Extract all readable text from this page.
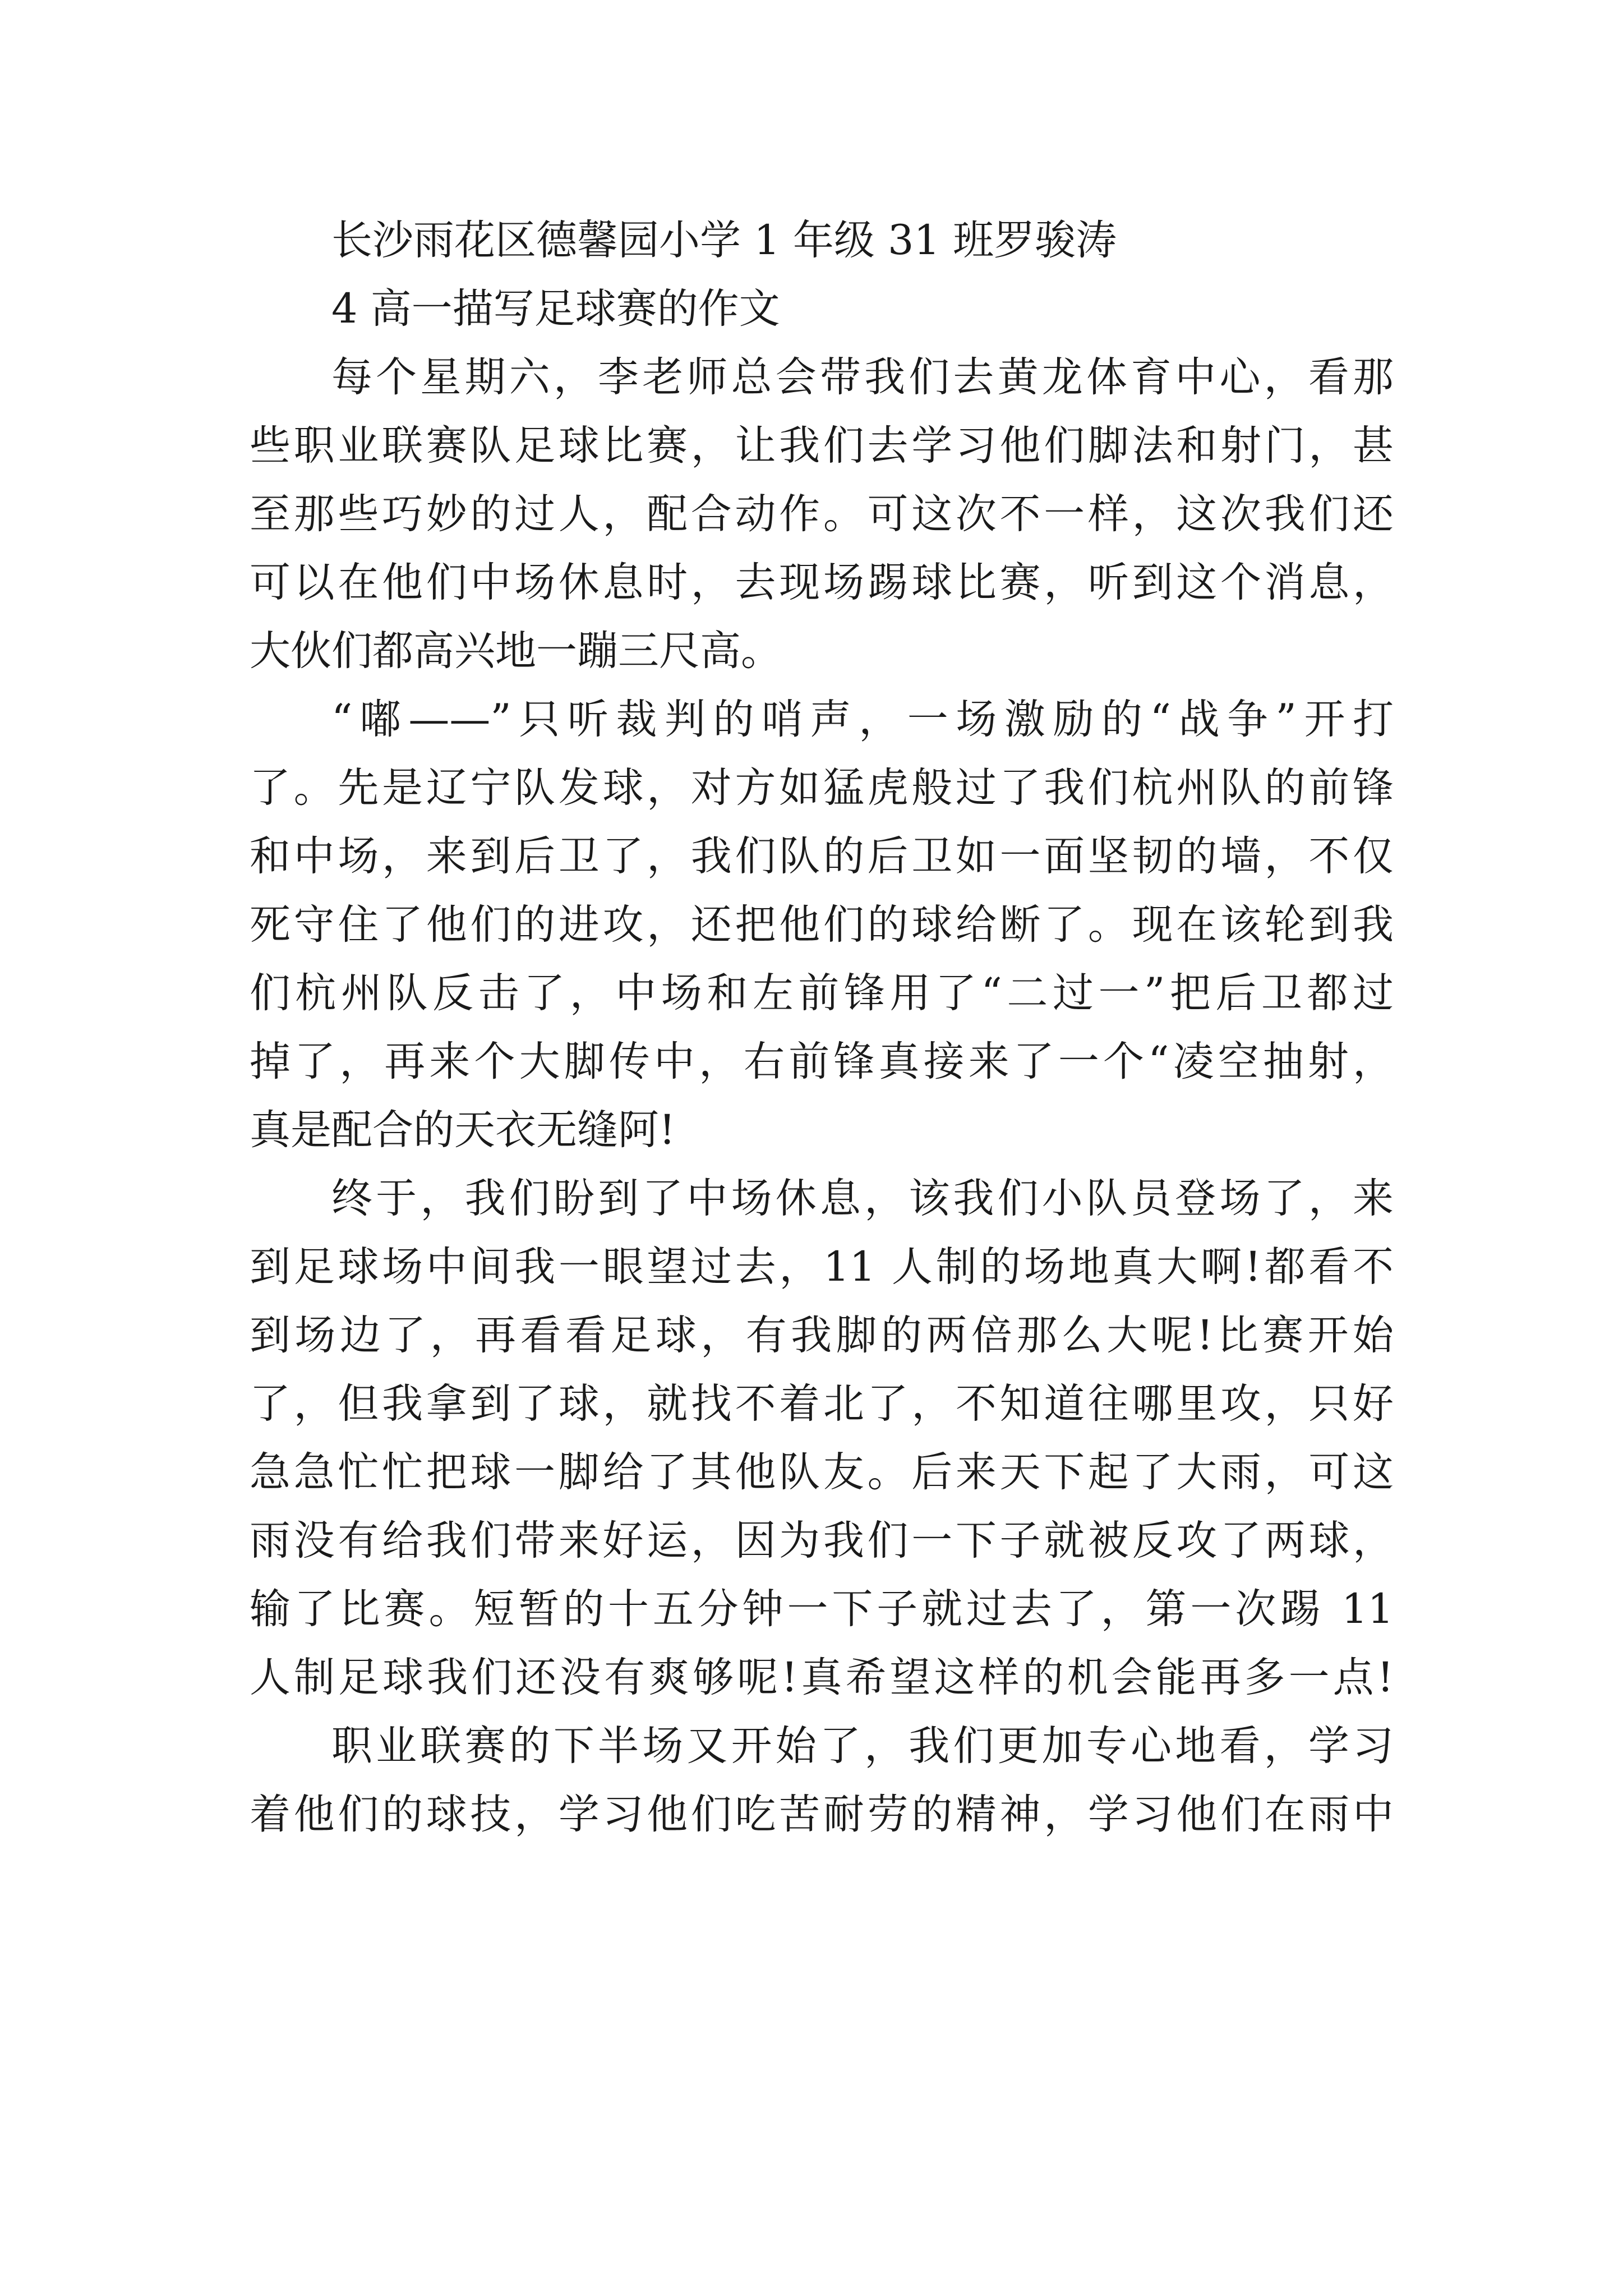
长沙雨花区德馨园小学 1 年级 31 班罗骏涛
4 高一描写足球赛的作文
每个星期六，李老师总会带我们去黄龙体育中心，看那
些职业联赛队足球比赛，让我们去学习他们脚法和射门，甚
至那些巧妙的过人，配合动作。可这次不一样，这次我们还
可以在他们中场休息时，去现场踢球比赛，听到这个消息，
大伙们都高兴地一蹦三尺高。
“嘟——”只听裁判的哨声，一场激励的“战争”开打
了。先是辽宁队发球，对方如猛虎般过了我们杭州队的前锋
和中场，来到后卫了，我们队的后卫如一面坚韧的墙，不仅
死守住了他们的进攻，还把他们的球给断了。现在该轮到我
们杭州队反击了，中场和左前锋用了“二过一”把后卫都过
掉了，再来个大脚传中，右前锋真接来了一个“凌空抽射，
真是配合的天衣无缝阿!
终于，我们盼到了中场休息，该我们小队员登场了，来
到足球场中间我一眼望过去，11 人制的场地真大啊!都看不
到场边了，再看看足球，有我脚的两倍那么大呢!比赛开始
了，但我拿到了球，就找不着北了，不知道往哪里攻，只好
急急忙忙把球一脚给了其他队友。后来天下起了大雨，可这
雨没有给我们带来好运，因为我们一下子就被反攻了两球，
输了比赛。短暂的十五分钟一下子就过去了，第一次踢 11
人制足球我们还没有爽够呢!真希望这样的机会能再多一点!
职业联赛的下半场又开始了，我们更加专心地看，学习
着他们的球技，学习他们吃苦耐劳的精神，学习他们在雨中
